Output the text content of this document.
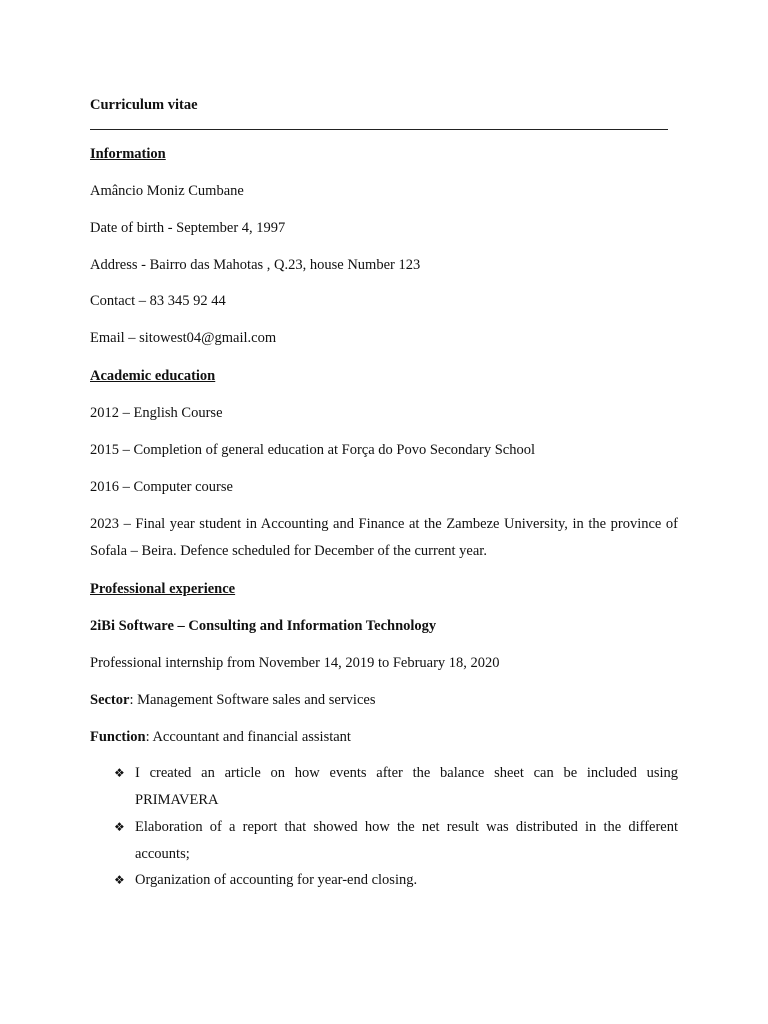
Curriculum vitae
Information
Amâncio Moniz Cumbane
Date of birth - September 4, 1997
Address - Bairro das Mahotas , Q.23, house Number 123
Contact – 83 345 92 44
Email – sitowest04@gmail.com
Academic education
2012 – English Course
2015 – Completion of general education at Força do Povo Secondary School
2016 – Computer course
2023 – Final year student in Accounting and Finance at the Zambeze University, in the province of Sofala – Beira. Defence scheduled for December of the current year.
Professional experience
2iBi Software – Consulting and Information Technology
Professional internship from November 14, 2019 to February 18, 2020
Sector: Management Software sales and services
Function: Accountant and financial assistant
❖ I created an article on how events after the balance sheet can be included using PRIMAVERA
❖ Elaboration of a report that showed how the net result was distributed in the different accounts;
❖ Organization of accounting for year-end closing.
